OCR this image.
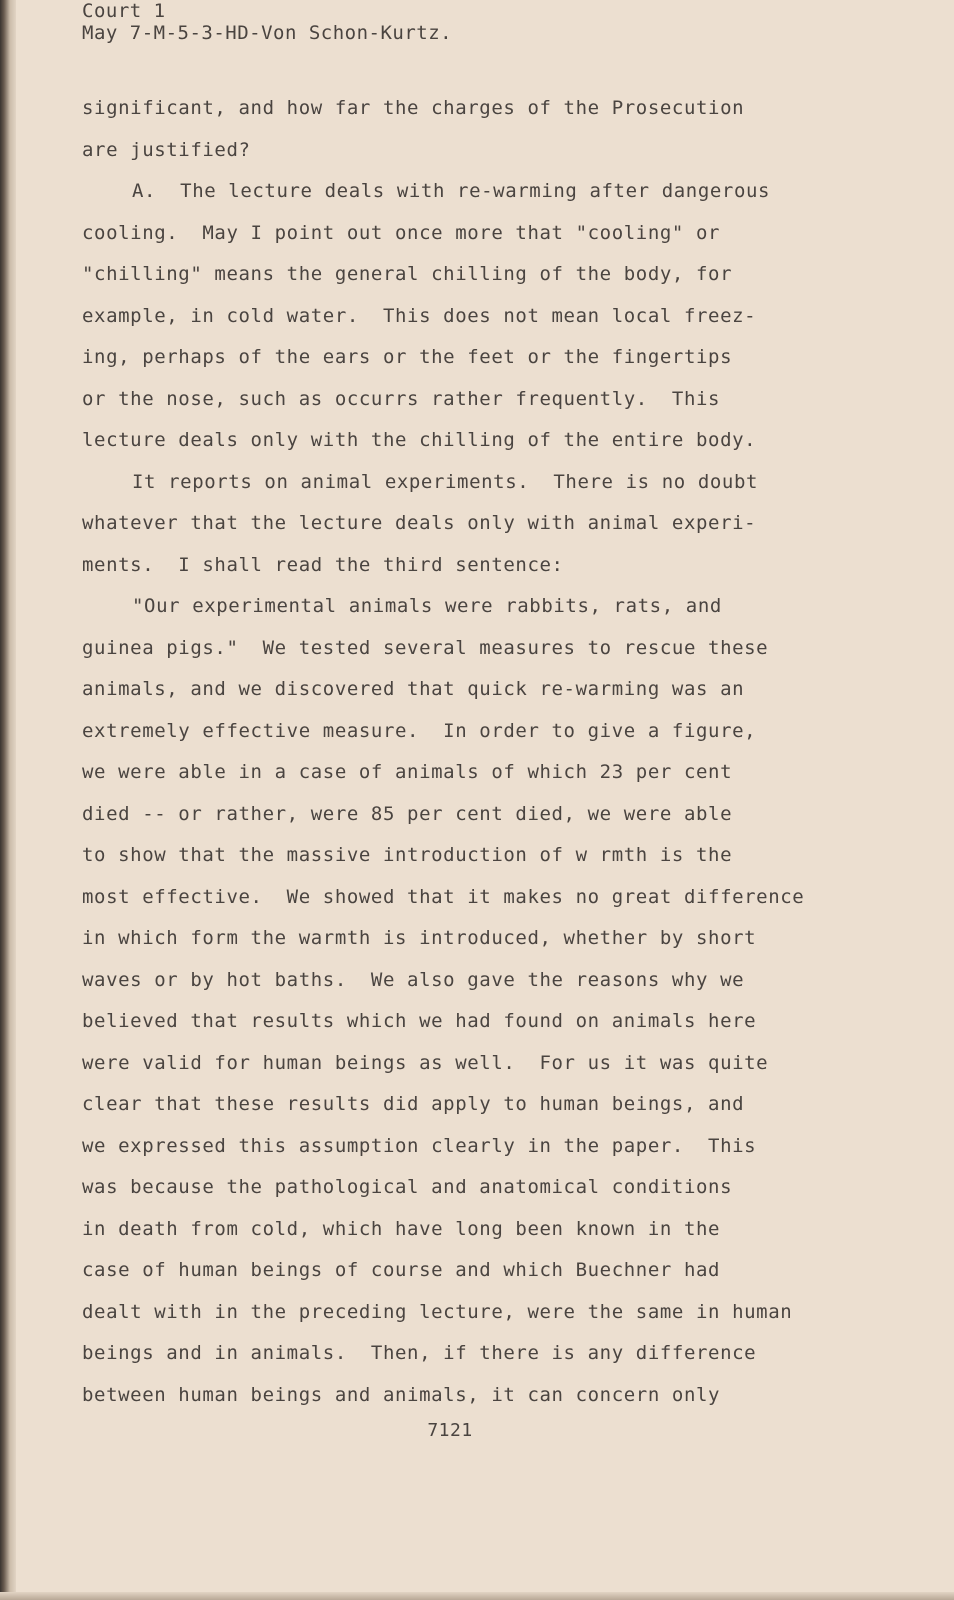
Court 1
May 7-M-5-3-HD-Von Schon-Kurtz.
significant, and how far the charges of the Prosecution
are justified?
A.  The lecture deals with re-warming after dangerous
cooling.  May I point out once more that "cooling" or
"chilling" means the general chilling of the body, for
example, in cold water.  This does not mean local freez-
ing, perhaps of the ears or the feet or the fingertips
or the nose, such as occurrs rather frequently.  This
lecture deals only with the chilling of the entire body.
It reports on animal experiments.  There is no doubt
whatever that the lecture deals only with animal experi-
ments.  I shall read the third sentence:
"Our experimental animals were rabbits, rats, and
guinea pigs."  We tested several measures to rescue these
animals, and we discovered that quick re-warming was an
extremely effective measure.  In order to give a figure,
we were able in a case of animals of which 23 per cent
died -- or rather, were 85 per cent died, we were able
to show that the massive introduction of w rmth is the
most effective.  We showed that it makes no great difference
in which form the warmth is introduced, whether by short
waves or by hot baths.  We also gave the reasons why we
believed that results which we had found on animals here
were valid for human beings as well.  For us it was quite
clear that these results did apply to human beings, and
we expressed this assumption clearly in the paper.  This
was because the pathological and anatomical conditions
in death from cold, which have long been known in the
case of human beings of course and which Buechner had
dealt with in the preceding lecture, were the same in human
beings and in animals.  Then, if there is any difference
between human beings and animals, it can concern only
7121
